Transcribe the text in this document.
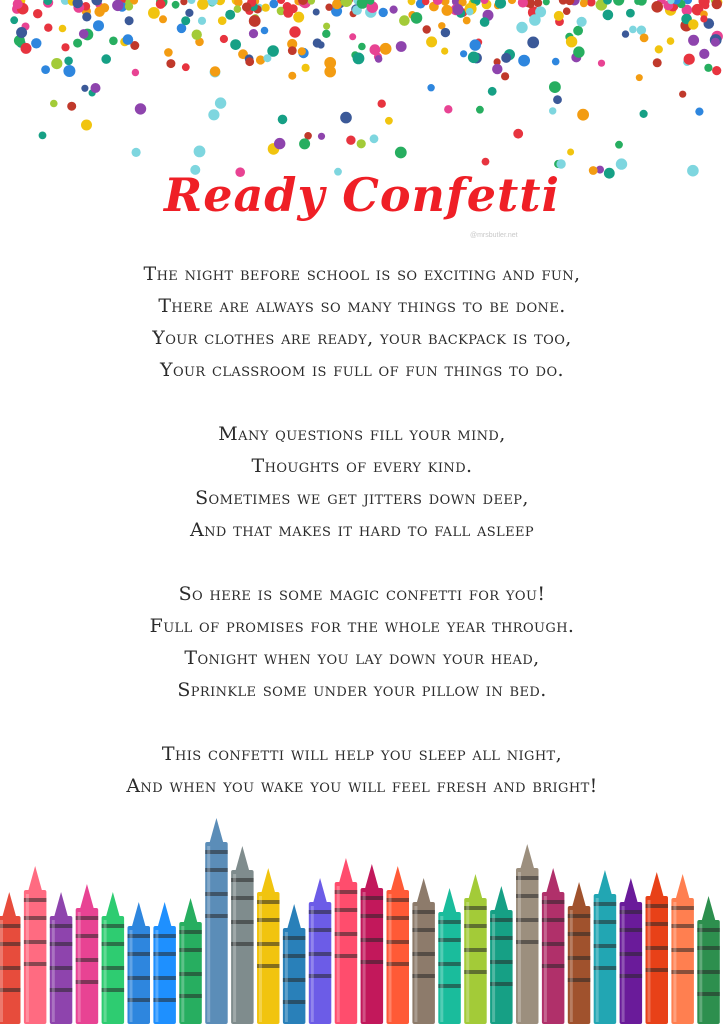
Ready Confetti
@mrsbutler.net
The night before school is so exciting and fun,
There are always so many things to be done.
Your clothes are ready, your backpack is too,
Your classroom is full of fun things to do.
Many questions fill your mind,
Thoughts of every kind.
Sometimes we get jitters down deep,
And that makes it hard to fall asleep
So here is some magic confetti for you!
Full of promises for the whole year through.
Tonight when you lay down your head,
Sprinkle some under your pillow in bed.
This confetti will help you sleep all night,
And when you wake you will feel fresh and bright!
